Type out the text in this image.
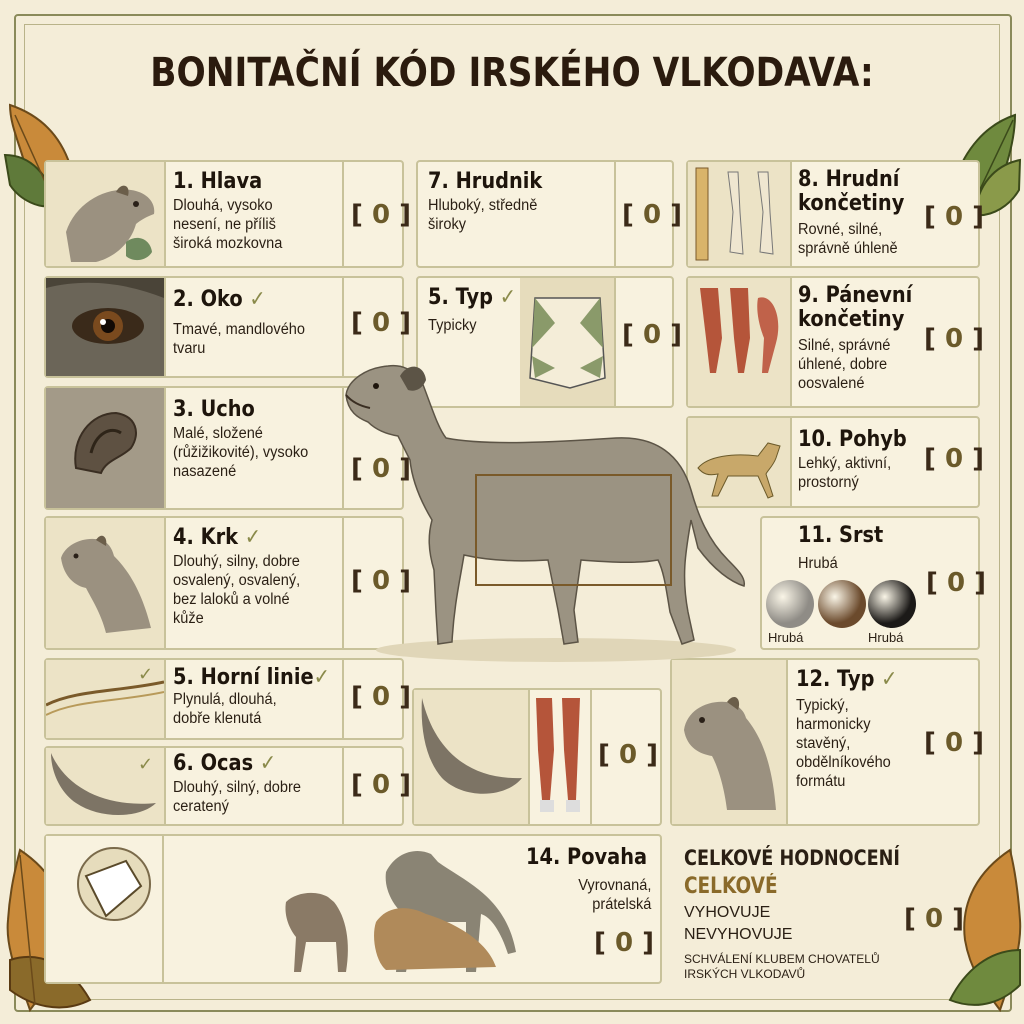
BONITAČNÍ KÓD IRSKÉHO VLKODAVA:
1. Hlava
Dlouhá, vysoko nesení, ne příliš široká mozkovna
[ 0 ]
2. Oko ✓
Tmavé, mandlového tvaru
[ 0 ]
3. Ucho
Malé, složené (růžižikovité), vysoko nasazené	[ 0 ]
4. Krk ✓
Dlouhý, silny, dobre osvalený, osvalený, bez laloků a volné kůže
[ 0 ]
✓ 5. Horní linie✓
Plynulá, dlouhá, dobře klenutá
[ 0 ]
✓ 6. Ocas ✓
Dlouhý, silný, dobre ceratený
[ 0 ]
7. Hrudnik
Hluboký, středně široky	[ 0 ]
5. Typ ✓
Typicky	[ 0 ]
8. Hrudní končetiny
Rovné, silné, správně úhleně
[ 0 ]
9. Pánevní končetiny
Silné, správné úhlené, dobre oosvalené
[ 0 ]
10. Pohyb
Lehký, aktivní, prostorný
[ 0 ]
11. Srst
Hrubá
Hrubá	Hrubá
[ 0 ]
12. Typ ✓
Typický, harmonicky stavěný, obdělníkového formátu
[ 0 ]
[ 0 ]
14. Povaha
Vyrovnaná, prátelská
[ 0 ]
CELKOVÉ HODNOCENÍ
CELKOVÉ
VYHOVUJE
NEVYHOVUJE
[ 0 ]
SCHVÁLENÍ KLUBEM CHOVATELŮ IRSKÝCH VLKODAVŮ
